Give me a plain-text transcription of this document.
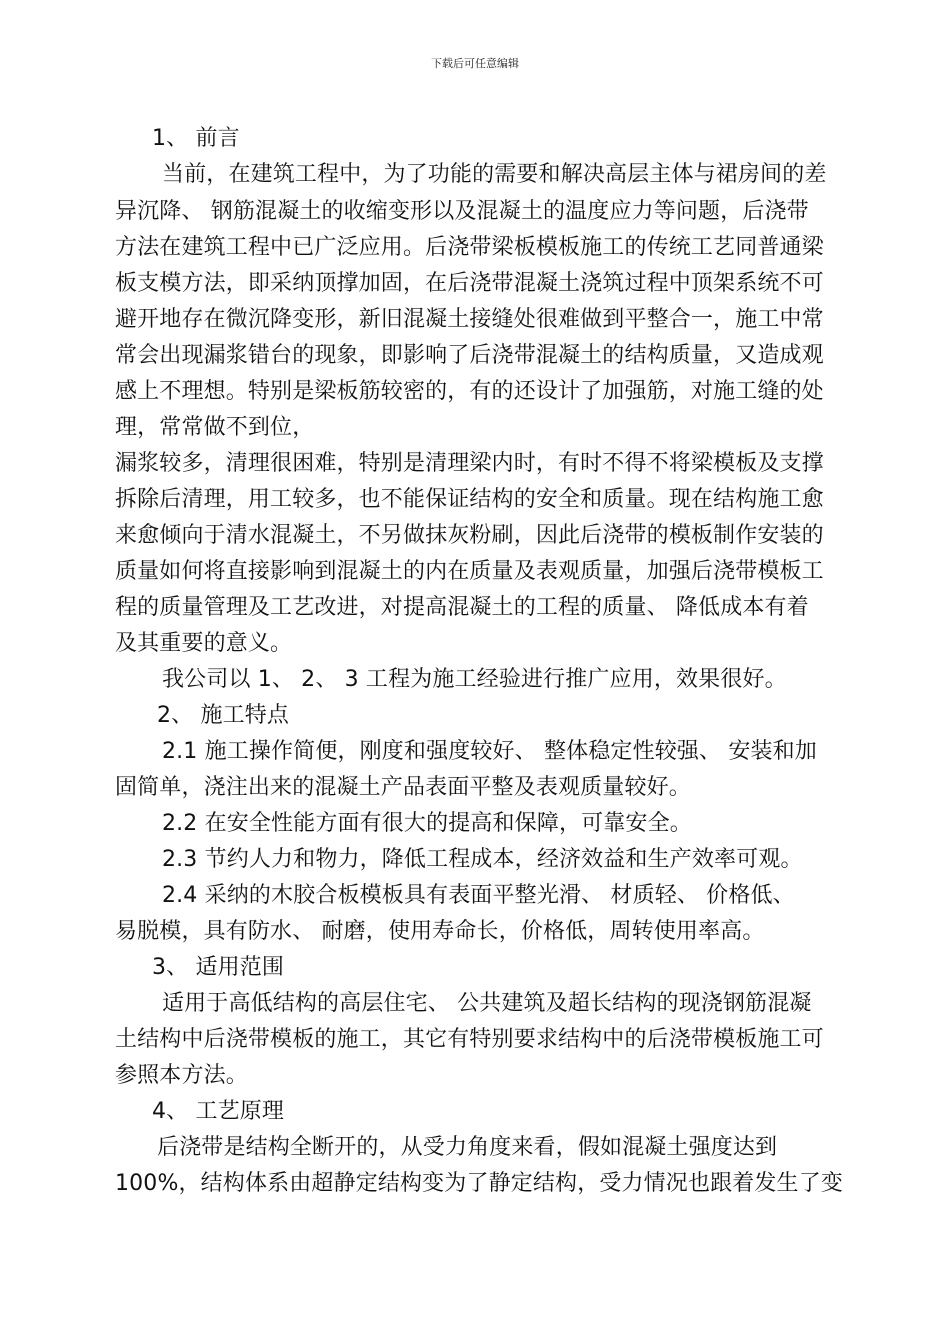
下载后可任意编辑
1、 前言
当前，在建筑工程中，为了功能的需要和解决高层主体与裙房间的差
异沉降、 钢筋混凝土的收缩变形以及混凝土的温度应力等问题，后浇带
方法在建筑工程中已广泛应用。后浇带梁板模板施工的传统工艺同普通梁
板支模方法，即采纳顶撑加固，在后浇带混凝土浇筑过程中顶架系统不可
避开地存在微沉降变形，新旧混凝土接缝处很难做到平整合一，施工中常
常会出现漏浆错台的现象，即影响了后浇带混凝土的结构质量，又造成观
感上不理想。特别是梁板筋较密的，有的还设计了加强筋，对施工缝的处
理，常常做不到位，
漏浆较多，清理很困难，特别是清理梁内时，有时不得不将梁模板及支撑
拆除后清理，用工较多，也不能保证结构的安全和质量。现在结构施工愈
来愈倾向于清水混凝土，不另做抹灰粉刷，因此后浇带的模板制作安装的
质量如何将直接影响到混凝土的内在质量及表观质量，加强后浇带模板工
程的质量管理及工艺改进，对提高混凝土的工程的质量、 降低成本有着
及其重要的意义。
我公司以 1、 2、 3 工程为施工经验进行推广应用，效果很好。
2、 施工特点
2.1 施工操作简便，刚度和强度较好、 整体稳定性较强、 安装和加
固简单，浇注出来的混凝土产品表面平整及表观质量较好。
2.2 在安全性能方面有很大的提高和保障，可靠安全。
2.3 节约人力和物力，降低工程成本，经济效益和生产效率可观。
2.4 采纳的木胶合板模板具有表面平整光滑、 材质轻、 价格低、
易脱模，具有防水、 耐磨，使用寿命长，价格低，周转使用率高。
3、 适用范围
适用于高低结构的高层住宅、 公共建筑及超长结构的现浇钢筋混凝
土结构中后浇带模板的施工，其它有特别要求结构中的后浇带模板施工可
参照本方法。
4、 工艺原理
后浇带是结构全断开的，从受力角度来看，假如混凝土强度达到
100%，结构体系由超静定结构变为了静定结构，受力情况也跟着发生了变
